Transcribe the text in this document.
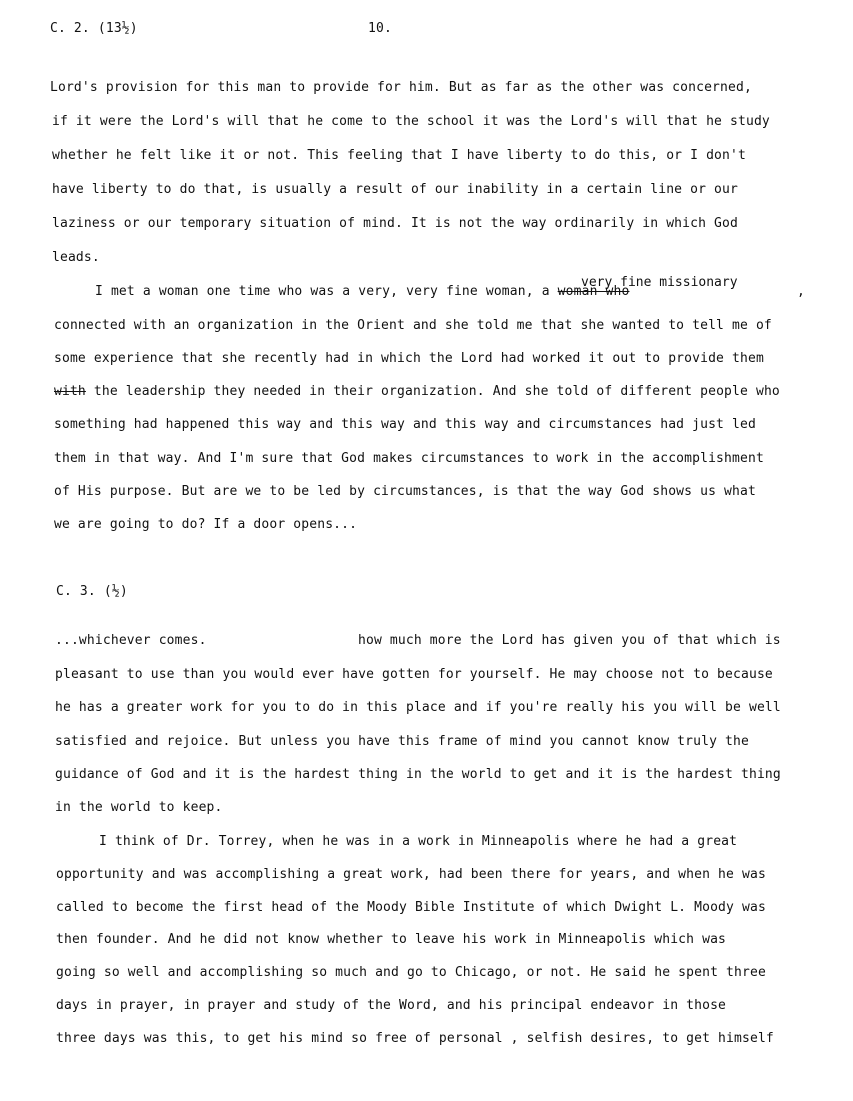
C. 2. (13½)	10.
Lord's provision for this man to provide for him. But as far as the other was concerned,
if it were the Lord's will that he come to the school it was the Lord's will that he study
whether he felt like it or not. This feeling that I have liberty to do this, or I don't
have liberty to do that, is usually a result of our inability in a certain line or our
laziness or our temporary situation of mind. It is not the way ordinarily in which God
leads.
very fine missionary
I met a woman one time who was a very, very fine woman, a woman who	,
connected with an organization in the Orient and she told me that she wanted to tell me of
some experience that she recently had in which the Lord had worked it out to provide them
with the leadership they needed in their organization. And she told of different people who
something had happened this way and this way and this way and circumstances had just led
them in that way. And I'm sure that God makes circumstances to work in the accomplishment
of His purpose. But are we to be led by circumstances, is that the way God shows us what
we are going to do? If a door opens...
C. 3. (½)
...whichever comes.	how much more the Lord has given you of that which is
pleasant to use than you would ever have gotten for yourself. He may choose not to because
he has a greater work for you to do in this place and if you're really his you will be well
satisfied and rejoice. But unless you have this frame of mind you cannot know truly the
guidance of God and it is the hardest thing in the world to get and it is the hardest thing
in the world to keep.
I think of Dr. Torrey, when he was in a work in Minneapolis where he had a great
opportunity and was accomplishing a great work, had been there for years, and when he was
called to become the first head of the Moody Bible Institute of which Dwight L. Moody was
then founder. And he did not know whether to leave his work in Minneapolis which was
going so well and accomplishing so much and go to Chicago, or not. He said he spent three
days in prayer, in prayer and study of the Word, and his principal endeavor in those
three days was this, to get his mind so free of personal , selfish desires, to get himself
